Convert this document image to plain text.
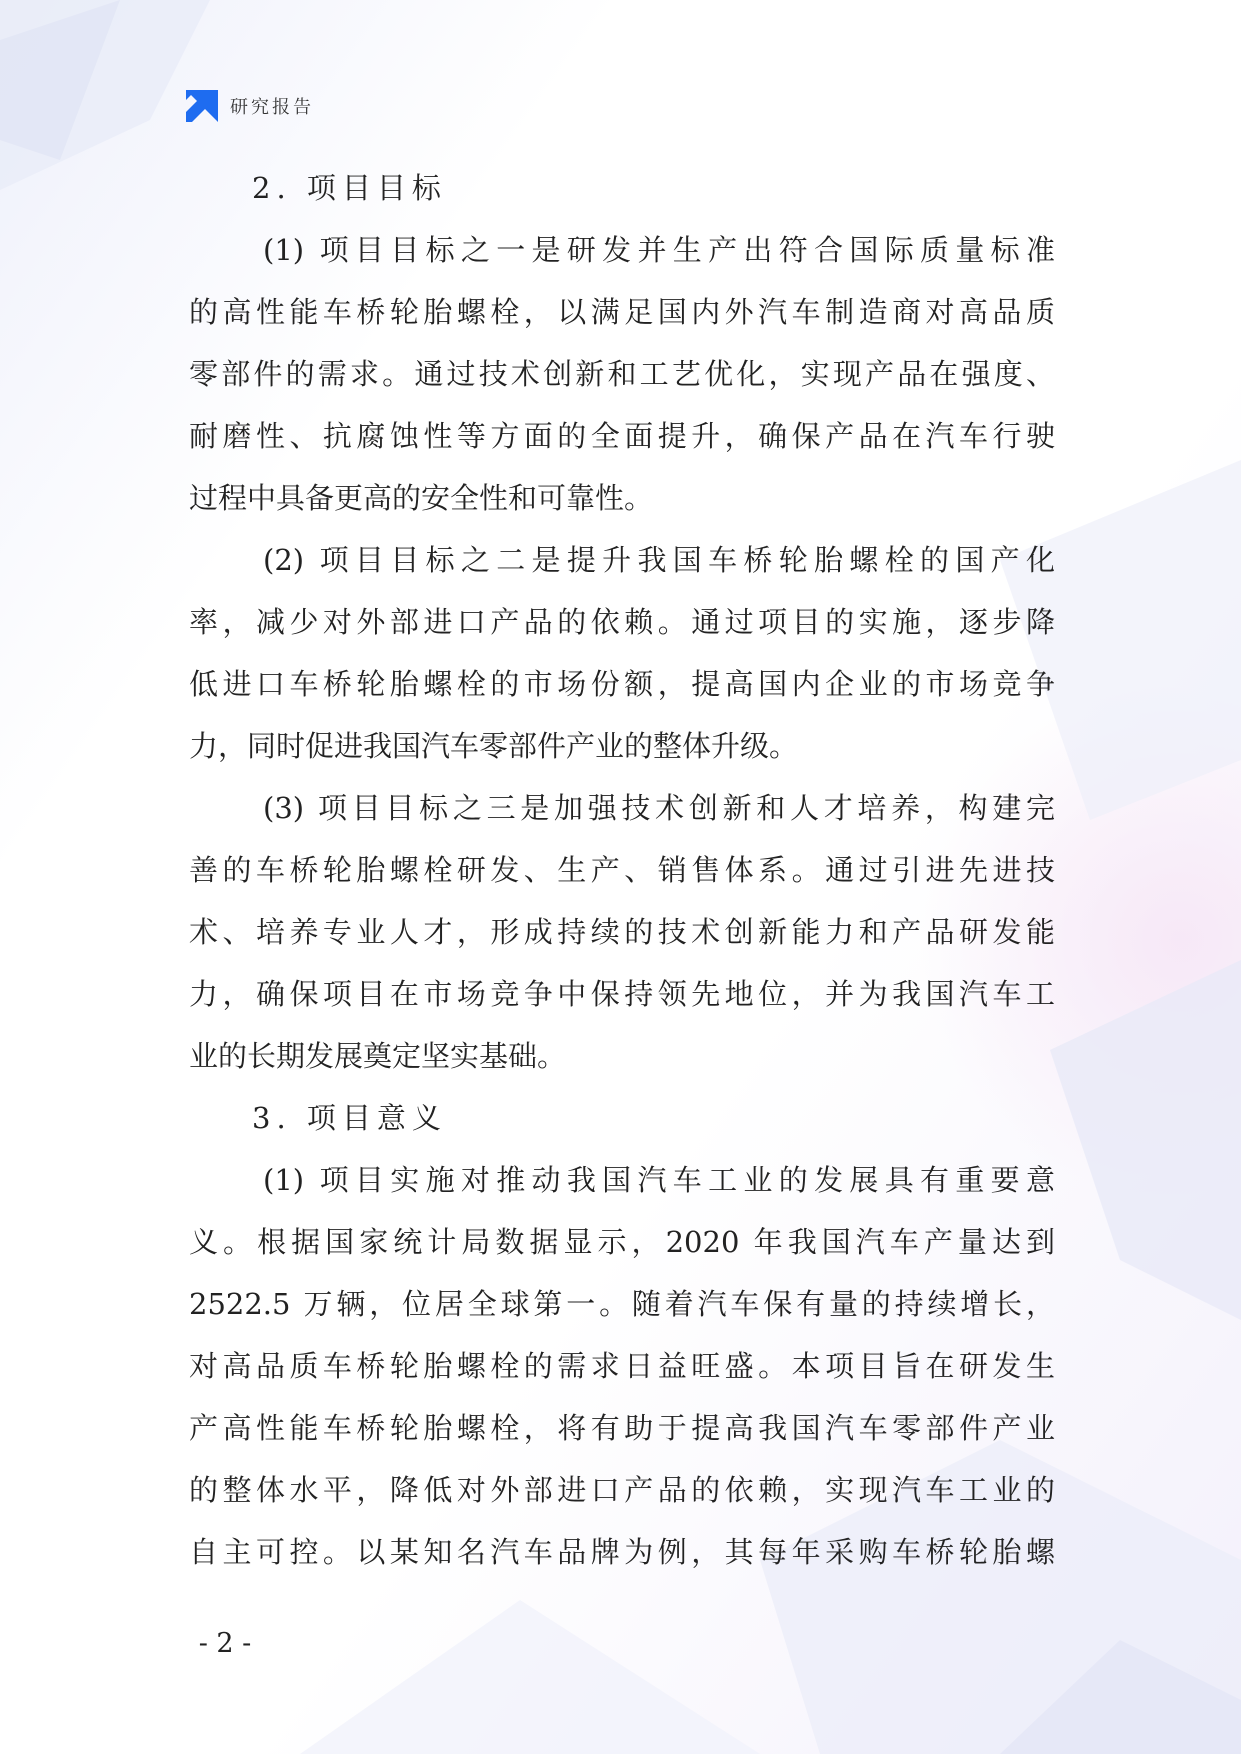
研究报告
2. 项目目标
(1) 项目目标之一是研发并生产出符合国际质量标准
的高性能车桥轮胎螺栓，以满足国内外汽车制造商对高品质
零部件的需求。通过技术创新和工艺优化，实现产品在强度、
耐磨性、抗腐蚀性等方面的全面提升，确保产品在汽车行驶
过程中具备更高的安全性和可靠性。
(2) 项目目标之二是提升我国车桥轮胎螺栓的国产化
率，减少对外部进口产品的依赖。通过项目的实施，逐步降
低进口车桥轮胎螺栓的市场份额，提高国内企业的市场竞争
力，同时促进我国汽车零部件产业的整体升级。
(3) 项目目标之三是加强技术创新和人才培养，构建完
善的车桥轮胎螺栓研发、生产、销售体系。通过引进先进技
术、培养专业人才，形成持续的技术创新能力和产品研发能
力，确保项目在市场竞争中保持领先地位，并为我国汽车工
业的长期发展奠定坚实基础。
3. 项目意义
(1) 项目实施对推动我国汽车工业的发展具有重要意
义。根据国家统计局数据显示，2020 年我国汽车产量达到
2522.5 万辆，位居全球第一。随着汽车保有量的持续增长，
对高品质车桥轮胎螺栓的需求日益旺盛。本项目旨在研发生
产高性能车桥轮胎螺栓，将有助于提高我国汽车零部件产业
的整体水平，降低对外部进口产品的依赖，实现汽车工业的
自主可控。以某知名汽车品牌为例，其每年采购车桥轮胎螺
- 2 -
